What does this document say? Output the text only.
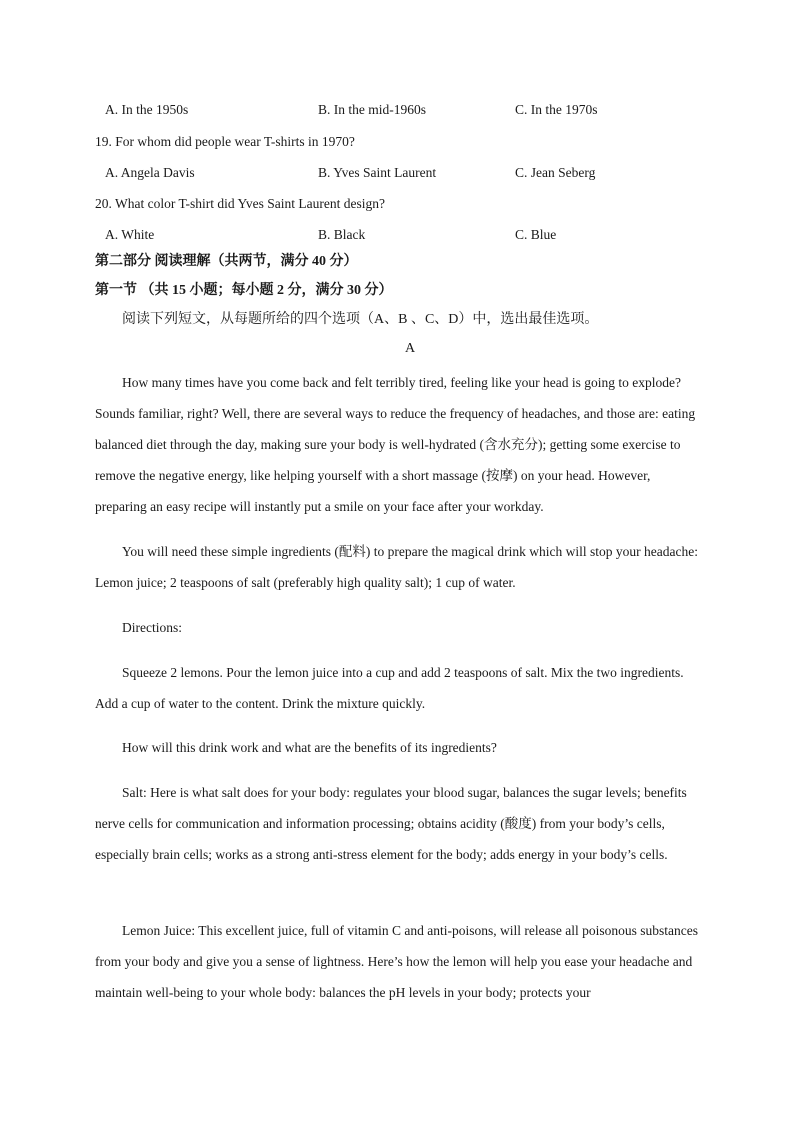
A. In the 1950s	B. In the mid-1960s	C. In the 1970s
19. For whom did people wear T-shirts in 1970?
A. Angela Davis	B. Yves Saint Laurent	C. Jean Seberg
20. What color T-shirt did Yves Saint Laurent design?
A. White	B. Black	C. Blue
第二部分 阅读理解（共两节，满分 40 分）
第一节 （共 15 小题；每小题 2 分，满分 30 分）
阅读下列短文，从每题所给的四个选项（A、B 、C、D）中，选出最佳选项。
A

How many times have you come back and felt terribly tired, feeling like your head is going to explode? Sounds familiar, right? Well, there are several ways to reduce the frequency of headaches, and those are: eating balanced diet through the day, making sure your body is well-hydrated (含水充分); getting some exercise to remove the negative energy, like helping yourself with a short massage (按摩) on your head. However, preparing an easy recipe will instantly put a smile on your face after your workday.

You will need these simple ingredients (配料) to prepare the magical drink which will stop your headache: Lemon juice; 2 teaspoons of salt (preferably high quality salt); 1 cup of water.

Directions:

Squeeze 2 lemons. Pour the lemon juice into a cup and add 2 teaspoons of salt. Mix the two ingredients. Add a cup of water to the content. Drink the mixture quickly.

How will this drink work and what are the benefits of its ingredients?

Salt: Here is what salt does for your body: regulates your blood sugar, balances the sugar levels; benefits nerve cells for communication and information processing; obtains acidity (酸度) from your body’s cells, especially brain cells; works as a strong anti-stress element for the body; adds energy in your body’s cells.

Lemon Juice: This excellent juice, full of vitamin C and anti-poisons, will release all poisonous substances from your body and give you a sense of lightness. Here’s how the lemon will help you ease your headache and maintain well-being to your whole body: balances the pH levels in your body; protects your
